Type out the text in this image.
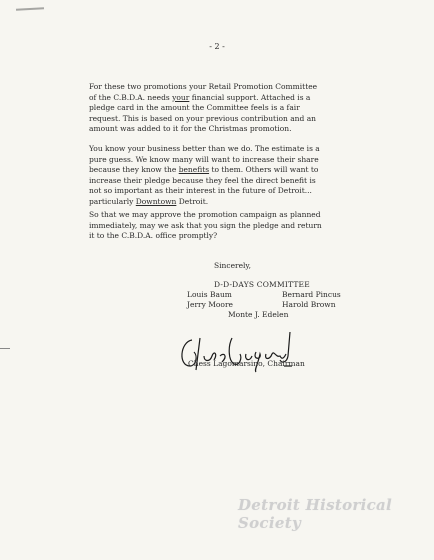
- 2 -
For these two promotions your Retail Promotion Committee
of the C.B.D.A. needs your financial support. Attached is a
pledge card in the amount the Committee feels is a fair
request. This is based on your previous contribution and an
amount was added to it for the Christmas promotion.
You know your business better than we do. The estimate is a
pure guess. We know many will want to increase their share
because they know the benefits to them. Others will want to
increase their pledge because they feel the direct benefit is
not so important as their interest in the future of Detroit...
particularly Downtown Detroit.
So that we may approve the promotion campaign as planned
immediately, may we ask that you sign the pledge and return
it to the C.B.D.A. office promptly?
Sincerely,
D-D-DAYS COMMITTEE
Louis Baum	Bernard Pincus
Jerry Moore	Harold Brown
Monte J. Edelen
Chess Lagomarsino, Chairman
Detroit Historical Society
